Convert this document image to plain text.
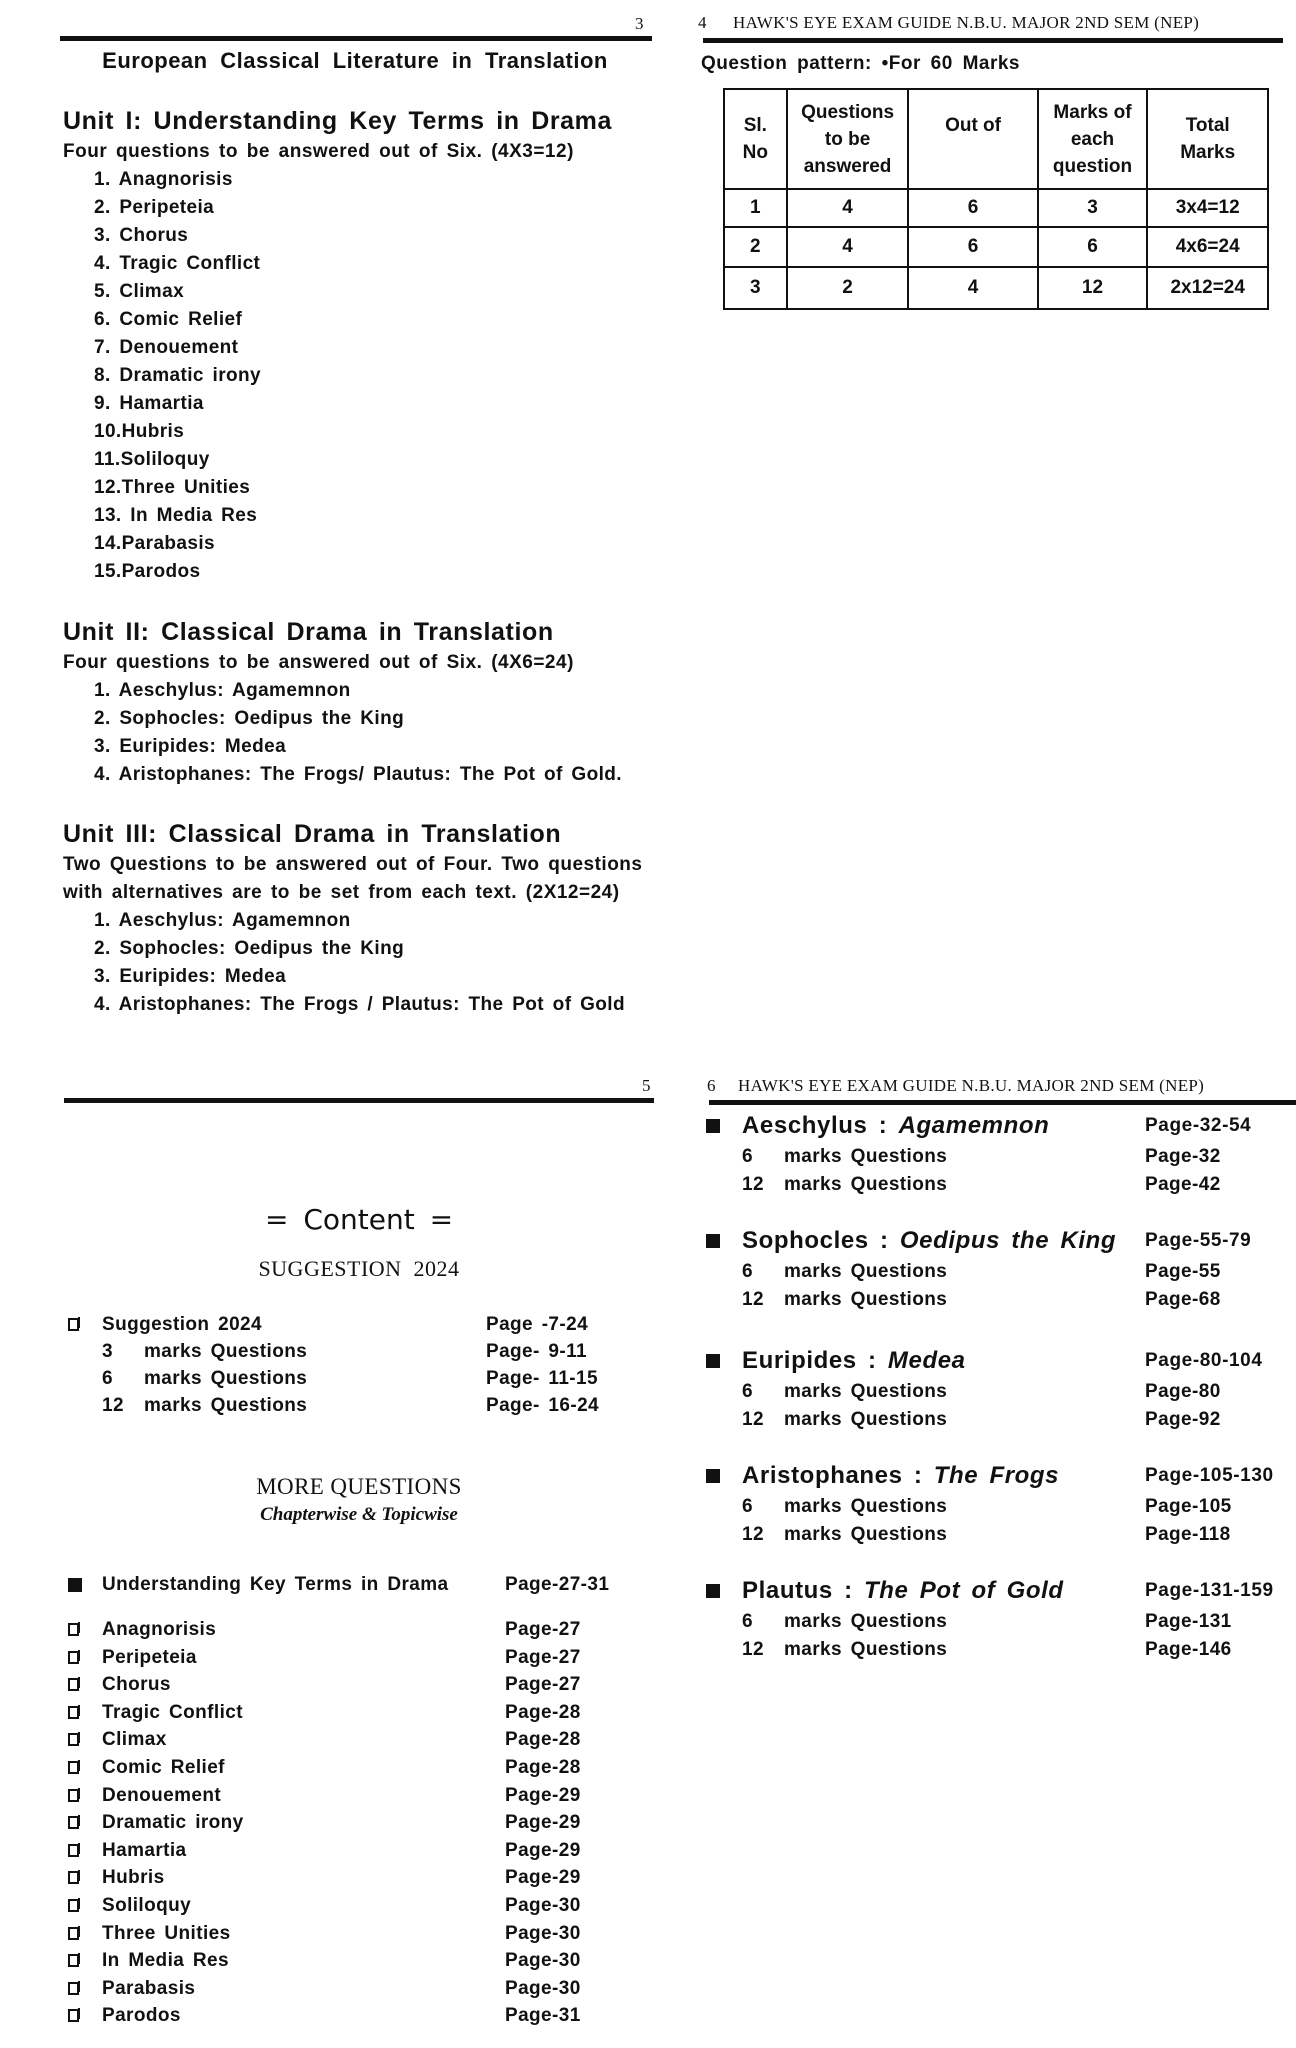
3
European Classical Literature in Translation
Unit I: Understanding Key Terms in Drama
Four questions to be answered out of Six. (4X3=12)
1. Anagnorisis
2. Peripeteia
3. Chorus
4. Tragic Conflict
5. Climax
6. Comic Relief
7. Denouement
8. Dramatic irony
9. Hamartia
10.Hubris
11.Soliloquy
12.Three Unities
13. In Media Res
14.Parabasis
15.Parodos
Unit II: Classical Drama in Translation
Four questions to be answered out of Six. (4X6=24)
1. Aeschylus: Agamemnon
2. Sophocles: Oedipus the King
3. Euripides: Medea
4. Aristophanes: The Frogs/ Plautus: The Pot of Gold.
Unit III: Classical Drama in Translation
Two Questions to be answered out of Four. Two questions
with alternatives are to be set from each text. (2X12=24)
1. Aeschylus: Agamemnon
2. Sophocles: Oedipus the King
3. Euripides: Medea
4. Aristophanes: The Frogs / Plautus: The Pot of Gold
4 HAWK'S EYE EXAM GUIDE N.B.U. MAJOR 2ND SEM (NEP)
Question pattern: •For 60 Marks
Sl.
No	Questions
to be
answered	Out of	Marks of
each
question	Total
Marks
1	4	6	3	3x4=12
2	4	6	6	4x6=24
3	2	4	12	2x12=24
5
= Content =
SUGGESTION 2024
Suggestion 2024	Page -7-24
3 marks Questions	Page- 9-11
6 marks Questions	Page- 11-15
12 marks Questions	Page- 16-24
MORE QUESTIONS
Chapterwise & Topicwise
Understanding Key Terms in Drama	Page-27-31
Anagnorisis	Page-27
Peripeteia	Page-27
Chorus	Page-27
Tragic Conflict	Page-28
Climax	Page-28
Comic Relief	Page-28
Denouement	Page-29
Dramatic irony	Page-29
Hamartia	Page-29
Hubris	Page-29
Soliloquy	Page-30
Three Unities	Page-30
In Media Res	Page-30
Parabasis	Page-30
Parodos	Page-31
6 HAWK'S EYE EXAM GUIDE N.B.U. MAJOR 2ND SEM (NEP)
Aeschylus : Agamemnon	Page-32-54
6 marks Questions	Page-32
12 marks Questions	Page-42
Sophocles : Oedipus the King Page-55-79
6 marks Questions	Page-55
12 marks Questions	Page-68
Euripides : Medea	Page-80-104
6 marks Questions	Page-80
12 marks Questions	Page-92
Aristophanes : The Frogs	Page-105-130
6 marks Questions	Page-105
12 marks Questions	Page-118
Plautus : The Pot of Gold	Page-131-159
6 marks Questions	Page-131
12 marks Questions	Page-146
